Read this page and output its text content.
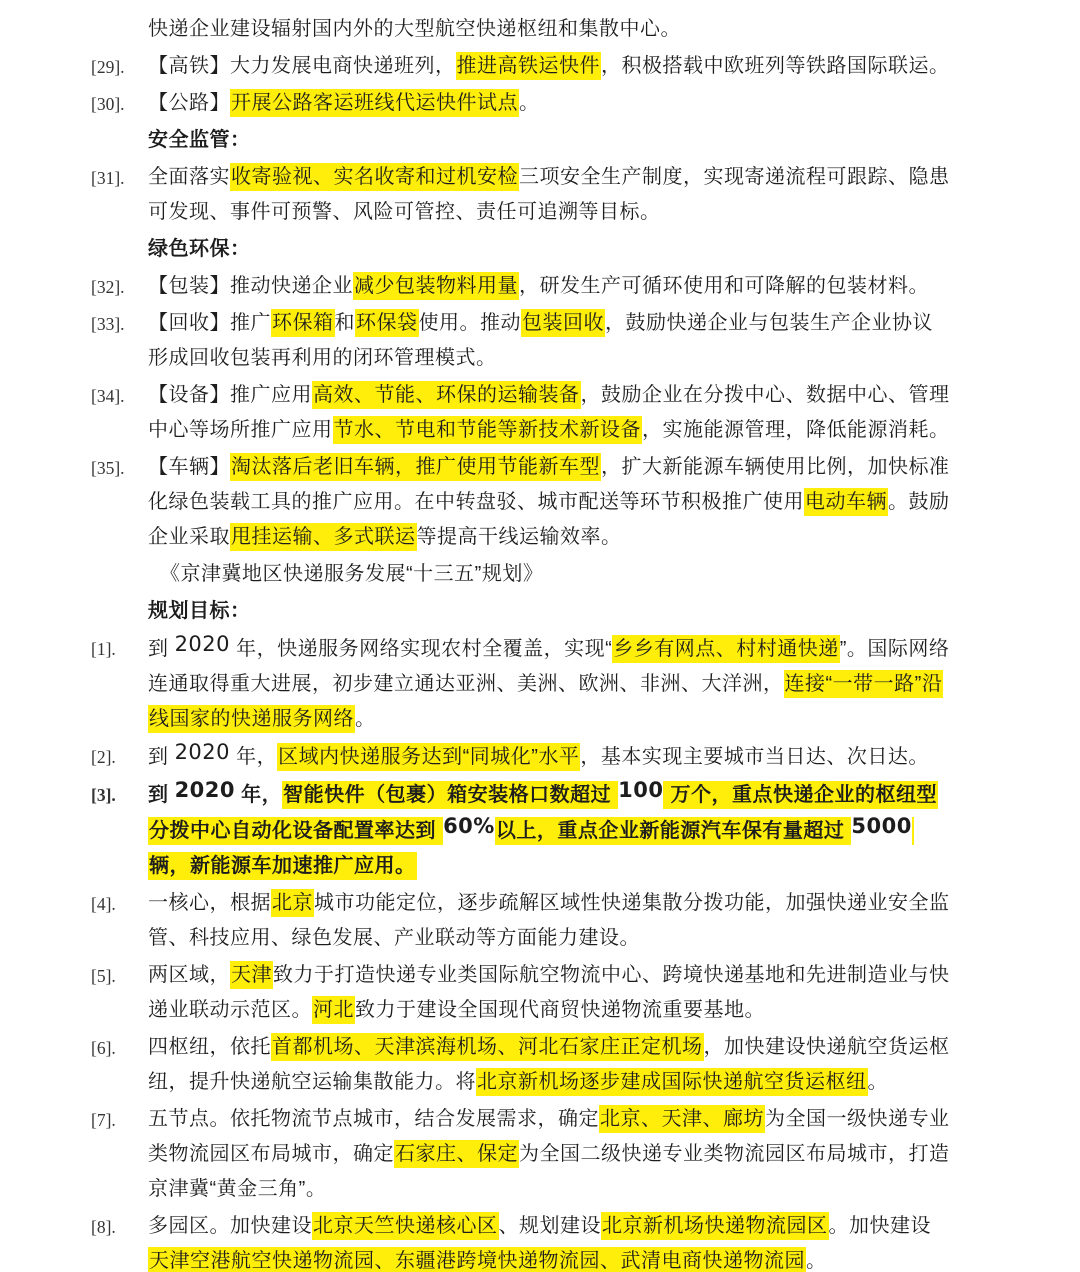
快递企业建设辐射国内外的大型航空快递枢纽和集散中心。
[29]. 【高铁】大力发展电商快递班列，推进高铁运快件，积极搭载中欧班列等铁路国际联运。
[30]. 【公路】开展公路客运班线代运快件试点。
安全监管：
[31]. 全面落实收寄验视、实名收寄和过机安检三项安全生产制度，实现寄递流程可跟踪、隐患可发现、事件可预警、风险可管控、责任可追溯等目标。
绿色环保：
[32]. 【包装】推动快递企业减少包装物料用量，研发生产可循环使用和可降解的包装材料。
[33]. 【回收】推广环保箱和环保袋使用。推动包装回收，鼓励快递企业与包装生产企业协议形成回收包装再利用的闭环管理模式。
[34]. 【设备】推广应用高效、节能、环保的运输装备，鼓励企业在分拨中心、数据中心、管理中心等场所推广应用节水、节电和节能等新技术新设备，实施能源管理，降低能源消耗。
[35]. 【车辆】淘汰落后老旧车辆，推广使用节能新车型，扩大新能源车辆使用比例，加快标准化绿色装载工具的推广应用。在中转盘驳、城市配送等环节积极推广使用电动车辆。鼓励企业采取甩挂运输、多式联运等提高干线运输效率。
《京津冀地区快递服务发展“十三五”规划》
规划目标：
[1]. 到 2020 年，快递服务网络实现农村全覆盖，实现“乡乡有网点、村村通快递”。国际网络连通取得重大进展，初步建立通达亚洲、美洲、欧洲、非洲、大洋洲，连接“一带一路”沿线国家的快递服务网络。
[2]. 到 2020 年，区域内快递服务达到“同城化”水平，基本实现主要城市当日达、次日达。
[3]. 到 2020 年，智能快件（包裹）箱安装格口数超过 100 万个，重点快递企业的枢纽型分拨中心自动化设备配置率达到 60%以上，重点企业新能源汽车保有量超过 5000 辆，新能源车加速推广应用。
[4]. 一核心，根据北京城市功能定位，逐步疏解区域性快递集散分拨功能，加强快递业安全监管、科技应用、绿色发展、产业联动等方面能力建设。
[5]. 两区域，天津致力于打造快递专业类国际航空物流中心、跨境快递基地和先进制造业与快递业联动示范区。河北致力于建设全国现代商贸快递物流重要基地。
[6]. 四枢纽，依托首都机场、天津滨海机场、河北石家庄正定机场，加快建设快递航空货运枢纽，提升快递航空运输集散能力。将北京新机场逐步建成国际快递航空货运枢纽。
[7]. 五节点。依托物流节点城市，结合发展需求，确定北京、天津、廊坊为全国一级快递专业类物流园区布局城市，确定石家庄、保定为全国二级快递专业类物流园区布局城市，打造京津冀“黄金三角”。
[8]. 多园区。加快建设北京天竺快递核心区、规划建设北京新机场快递物流园区。加快建设天津空港航空快递物流园、东疆港跨境快递物流园、武清电商快递物流园。
